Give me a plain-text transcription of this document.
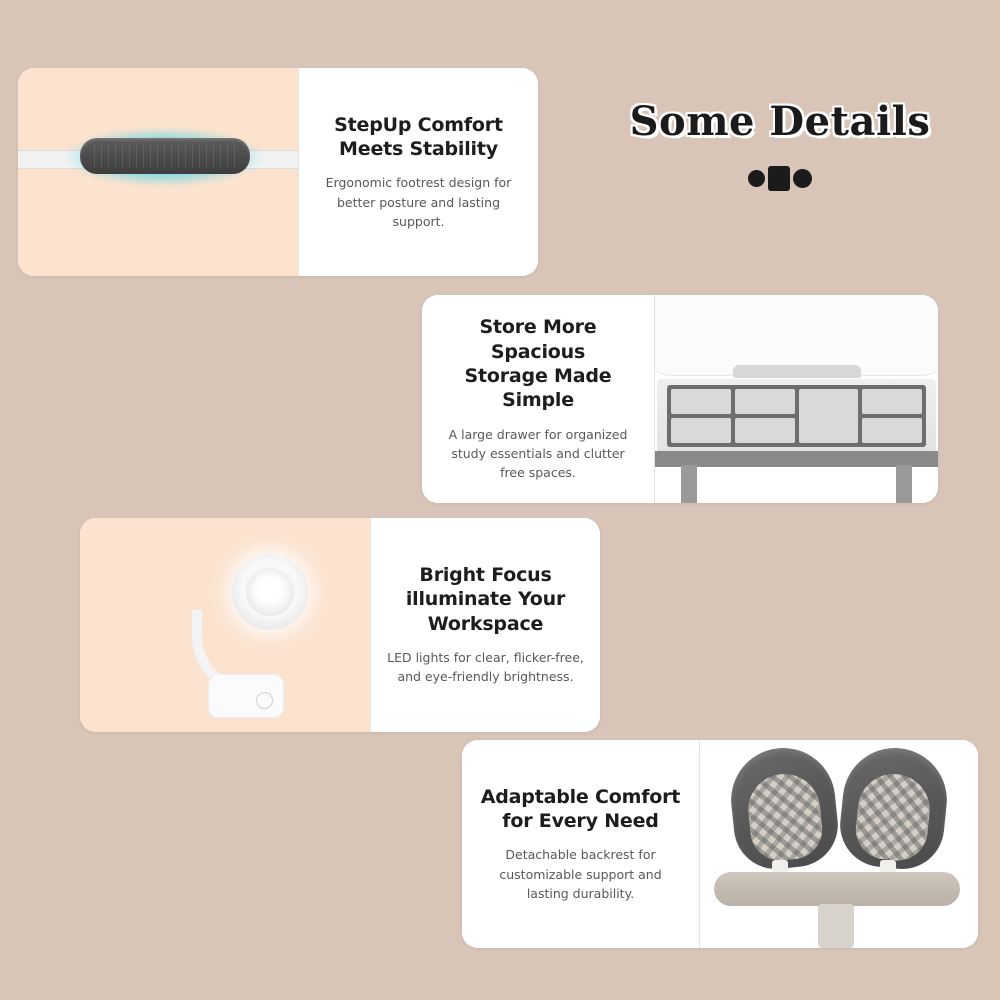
Some Details
StepUp Comfort
Meets Stability
Ergonomic footrest design for better posture and lasting support.
Store More Spacious
Storage Made Simple
A large drawer for organized study essentials and clutter free spaces.
Bright Focus
illuminate Your
Workspace
LED lights for clear, flicker-free, and eye-friendly brightness.
Adaptable Comfort
for Every Need
Detachable backrest for customizable support and lasting durability.
